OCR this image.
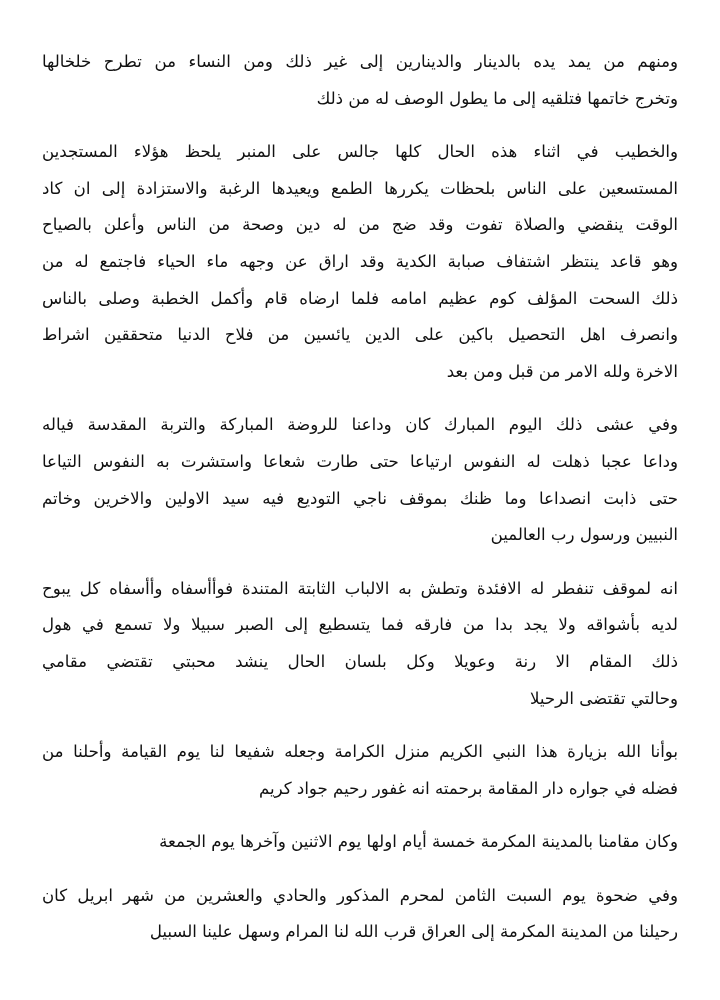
ومنهم من يمد يده بالدينار والدينارين إلى غير ذلك ومن النساء من تطرح خلخالها
وتخرج خاتمها فتلقيه إلى ما يطول الوصف له من ذلك

والخطيب في اثناء هذه الحال كلها جالس على المنبر يلحظ هؤلاء المستجدين
المستسعين على الناس بلحظات يكررها الطمع ويعيدها الرغبة والاستزادة إلى ان كاد
الوقت ينقضي والصلاة تفوت وقد ضج من له دين وصحة من الناس وأعلن بالصياح
وهو قاعد ينتظر اشتفاف صبابة الكدية وقد اراق عن وجهه ماء الحياء فاجتمع له من
ذلك السحت المؤلف كوم عظيم امامه فلما ارضاه قام وأكمل الخطبة وصلى بالناس
وانصرف اهل التحصيل باكين على الدين يائسين من فلاح الدنيا متحققين اشراط
الاخرة ولله الامر من قبل ومن بعد

وفي عشى ذلك اليوم المبارك كان وداعنا للروضة المباركة والتربة المقدسة فياله
وداعا عجبا ذهلت له النفوس ارتياعا حتى طارت شعاعا واستشرت به النفوس التياعا
حتى ذابت انصداعا وما ظنك بموقف ناجي التوديع فيه سيد الاولين والاخرين وخاتم
النبيين ورسول رب العالمين

انه لموقف تنفطر له الافئدة وتطش به الالباب الثابتة المتندة فوأأسفاه وأأسفاه كل يبوح
لديه بأشواقه ولا يجد بدا من فارقه فما يتسطيع إلى الصبر سبيلا ولا تسمع في هول
ذلك المقام الا رنة وعويلا وكل بلسان الحال ينشد محبتي تقتضي مقامي
وحالتي تقتضى الرحيلا

بوأنا الله بزيارة هذا النبي الكريم منزل الكرامة وجعله شفيعا لنا يوم القيامة وأحلنا من
فضله في جواره دار المقامة برحمته انه غفور رحيم جواد كريم

وكان مقامنا بالمدينة المكرمة خمسة أيام اولها يوم الاثنين وآخرها يوم الجمعة

وفي ضحوة يوم السبت الثامن لمحرم المذكور والحادي والعشرين من شهر ابريل كان
رحيلنا من المدينة المكرمة إلى العراق قرب الله لنا المرام وسهل علينا السبيل
